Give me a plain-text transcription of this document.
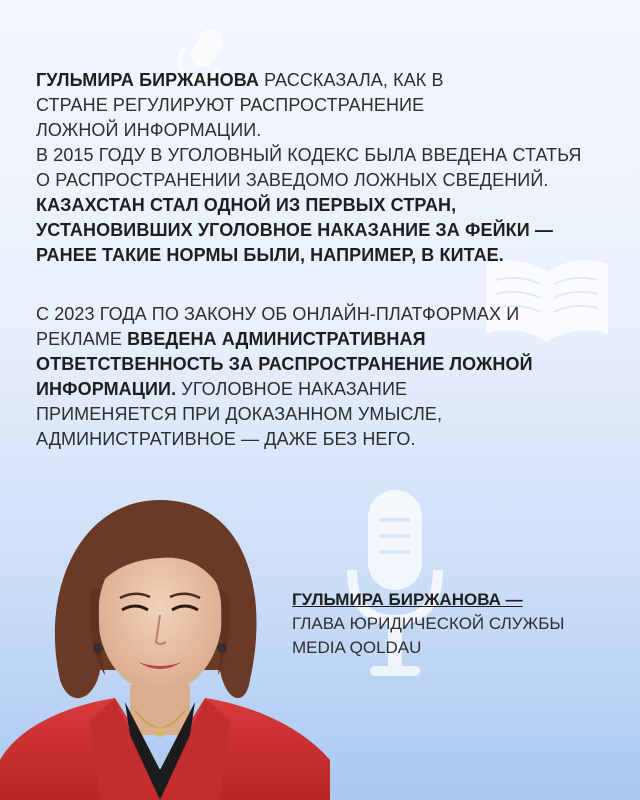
ГУЛЬМИРА БИРЖАНОВА РАССКАЗАЛА, КАК В
СТРАНЕ РЕГУЛИРУЮТ РАСПРОСТРАНЕНИЕ
ЛОЖНОЙ ИНФОРМАЦИИ.
В 2015 ГОДУ В УГОЛОВНЫЙ КОДЕКС БЫЛА ВВЕДЕНА СТАТЬЯ
О РАСПРОСТРАНЕНИИ ЗАВЕДОМО ЛОЖНЫХ СВЕДЕНИЙ.
КАЗАХСТАН СТАЛ ОДНОЙ ИЗ ПЕРВЫХ СТРАН,
УСТАНОВИВШИХ УГОЛОВНОЕ НАКАЗАНИЕ ЗА ФЕЙКИ —
РАНЕЕ ТАКИЕ НОРМЫ БЫЛИ, НАПРИМЕР, В КИТАЕ.

С 2023 ГОДА ПО ЗАКОНУ ОБ ОНЛАЙН-ПЛАТФОРМАХ И
РЕКЛАМЕ ВВЕДЕНА АДМИНИСТРАТИВНАЯ
ОТВЕТСТВЕННОСТЬ ЗА РАСПРОСТРАНЕНИЕ ЛОЖНОЙ
ИНФОРМАЦИИ. УГОЛОВНОЕ НАКАЗАНИЕ
ПРИМЕНЯЕТСЯ ПРИ ДОКАЗАННОМ УМЫСЛЕ,
АДМИНИСТРАТИВНОЕ — ДАЖЕ БЕЗ НЕГО.

ГУЛЬМИРА БИРЖАНОВА —
ГЛАВА ЮРИДИЧЕСКОЙ СЛУЖБЫ
MEDIA QOLDAU
